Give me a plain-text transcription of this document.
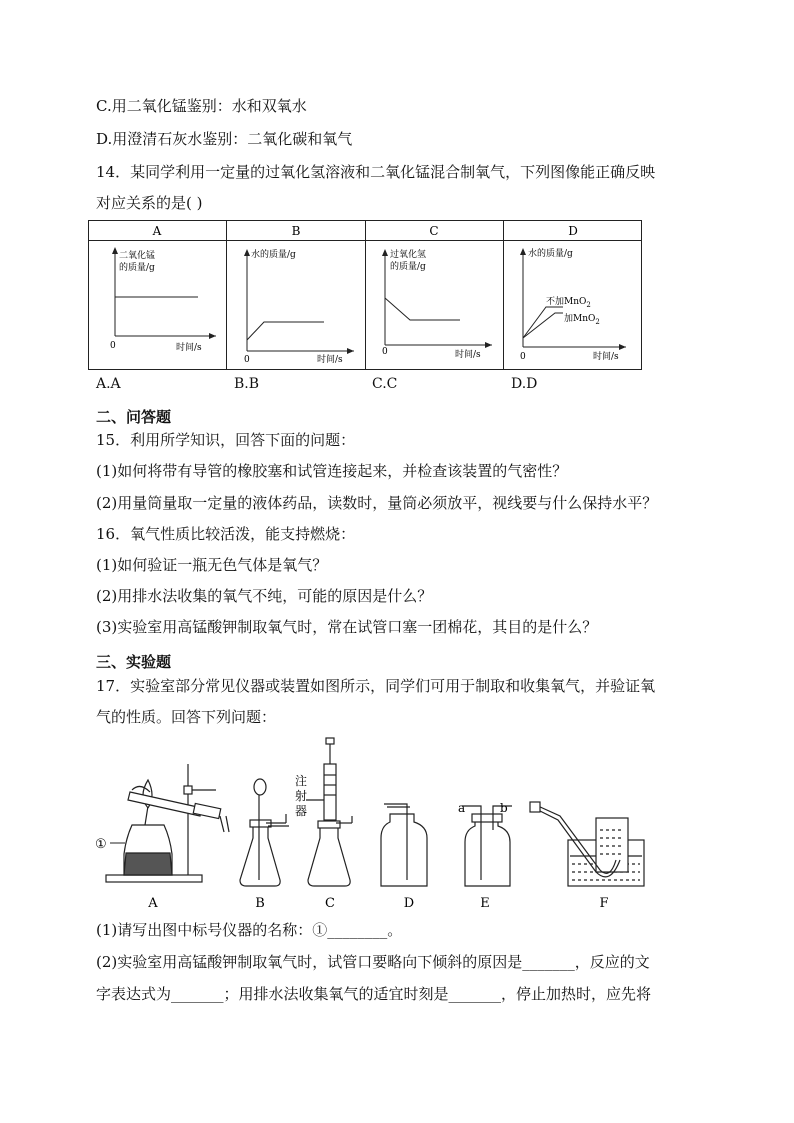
C.用二氧化锰鉴别：水和双氧水
D.用澄清石灰水鉴别：二氧化碳和氧气
14．某同学利用一定量的过氧化氢溶液和二氧化锰混合制氧气，下列图像能正确反映
对应关系的是( )
A	B	C	D
二氧化锰
的质量/g
0	时间/s
水的质量/g
0	时间/s
过氧化氢
的质量/g
0	时间/s
水的质量/g
0	时间/s
不加MnO$_2$
加MnO$_2$
A.A	B.B	C.C	D.D
二、问答题
15．利用所学知识，回答下面的问题：
(1)如何将带有导管的橡胶塞和试管连接起来，并检查该装置的气密性？
(2)用量筒量取一定量的液体药品，读数时，量筒必须放平，视线要与什么保持水平？
16．氧气性质比较活泼，能支持燃烧：
(1)如何验证一瓶无色气体是氧气？
(2)用排水法收集的氧气不纯，可能的原因是什么？
(3)实验室用高锰酸钾制取氧气时，常在试管口塞一团棉花，其目的是什么？
三、实验题
17．实验室部分常见仪器或装置如图所示，同学们可用于制取和收集氧气，并验证氧
气的性质。回答下列问题：
①
注
射
器	a	b
A	B	C	D	E	F
(1)请写出图中标号仪器的名称：①________。
(2)实验室用高锰酸钾制取氧气时，试管口要略向下倾斜的原因是_______，反应的文
字表达式为_______；用排水法收集氧气的适宜时刻是_______，停止加热时，应先将
